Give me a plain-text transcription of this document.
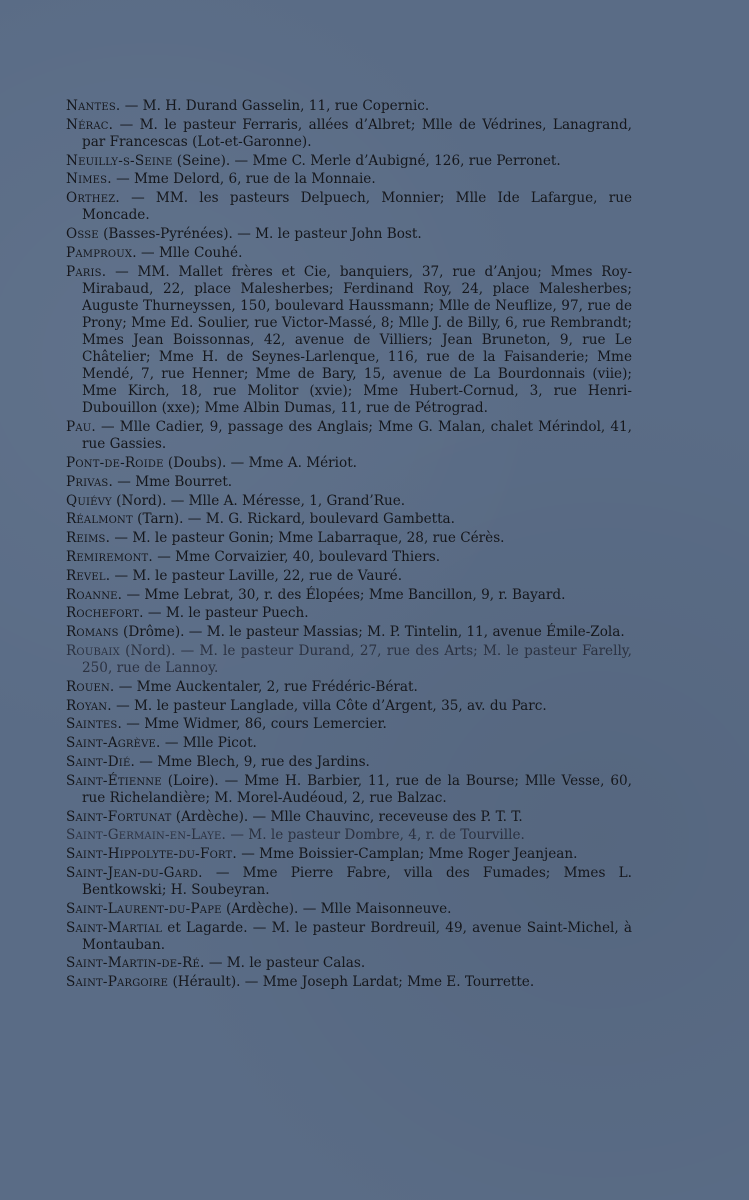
Nantes. — M. H. Durand Gasselin, 11, rue Copernic.

Nérac. — M. le pasteur Ferraris, allées d’Albret; Mlle de Védrines, Lanagrand, par Francescas (Lot-et-Garonne).

Neuilly-s-Seine (Seine). — Mme C. Merle d’Aubigné, 126, rue Perronet.

Nimes. — Mme Delord, 6, rue de la Monnaie.

Orthez. — MM. les pasteurs Delpuech, Monnier; Mlle Ide Lafargue, rue Moncade.

Osse (Basses-Pyrénées). — M. le pasteur John Bost.

Pamproux. — Mlle Couhé.

Paris. — MM. Mallet frères et Cie, banquiers, 37, rue d’Anjou; Mmes Roy-Mirabaud, 22, place Malesherbes; Ferdinand Roy, 24, place Malesherbes; Auguste Thurneyssen, 150, boulevard Haussmann; Mlle de Neuflize, 97, rue de Prony; Mme Ed. Soulier, rue Victor-Massé, 8; Mlle J. de Billy, 6, rue Rembrandt; Mmes Jean Boissonnas, 42, avenue de Villiers; Jean Bruneton, 9, rue Le Châtelier; Mme H. de Seynes-Larlenque, 116, rue de la Faisanderie; Mme Mendé, 7, rue Henner; Mme de Bary, 15, avenue de La Bourdonnais (viie); Mme Kirch, 18, rue Molitor (xvie); Mme Hubert-Cornud, 3, rue Henri-Dubouillon (xxe); Mme Albin Dumas, 11, rue de Pétrograd.

Pau. — Mlle Cadier, 9, passage des Anglais; Mme G. Malan, chalet Mérindol, 41, rue Gassies.

Pont-de-Roide (Doubs). — Mme A. Mériot.

Privas. — Mme Bourret.

Quiévy (Nord). — Mlle A. Méresse, 1, Grand’Rue.

Réalmont (Tarn). — M. G. Rickard, boulevard Gambetta.

Reims. — M. le pasteur Gonin; Mme Labarraque, 28, rue Cérès.

Remiremont. — Mme Corvaizier, 40, boulevard Thiers.

Revel. — M. le pasteur Laville, 22, rue de Vauré.

Roanne. — Mme Lebrat, 30, r. des Élopées; Mme Bancillon, 9, r. Bayard.

Rochefort. — M. le pasteur Puech.

Romans (Drôme). — M. le pasteur Massias; M. P. Tintelin, 11, avenue Émile-Zola.

Roubaix (Nord). — M. le pasteur Durand, 27, rue des Arts; M. le pasteur Farelly, 250, rue de Lannoy.

Rouen. — Mme Auckentaler, 2, rue Frédéric-Bérat.

Royan. — M. le pasteur Langlade, villa Côte d’Argent, 35, av. du Parc.

Saintes. — Mme Widmer, 86, cours Lemercier.

Saint-Agrève. — Mlle Picot.

Saint-Dié. — Mme Blech, 9, rue des Jardins.

Saint-Étienne (Loire). — Mme H. Barbier, 11, rue de la Bourse; Mlle Vesse, 60, rue Richelandière; M. Morel-Audéoud, 2, rue Balzac.

Saint-Fortunat (Ardèche). — Mlle Chauvinc, receveuse des P. T. T.

Saint-Germain-en-Laye. — M. le pasteur Dombre, 4, r. de Tourville.

Saint-Hippolyte-du-Fort. — Mme Boissier-Camplan; Mme Roger Jeanjean.

Saint-Jean-du-Gard. — Mme Pierre Fabre, villa des Fumades; Mmes L. Bentkowski; H. Soubeyran.

Saint-Laurent-du-Pape (Ardèche). — Mlle Maisonneuve.

Saint-Martial et Lagarde. — M. le pasteur Bordreuil, 49, avenue Saint-Michel, à Montauban.

Saint-Martin-de-Ré. — M. le pasteur Calas.

Saint-Pargoire (Hérault). — Mme Joseph Lardat; Mme E. Tourrette.
